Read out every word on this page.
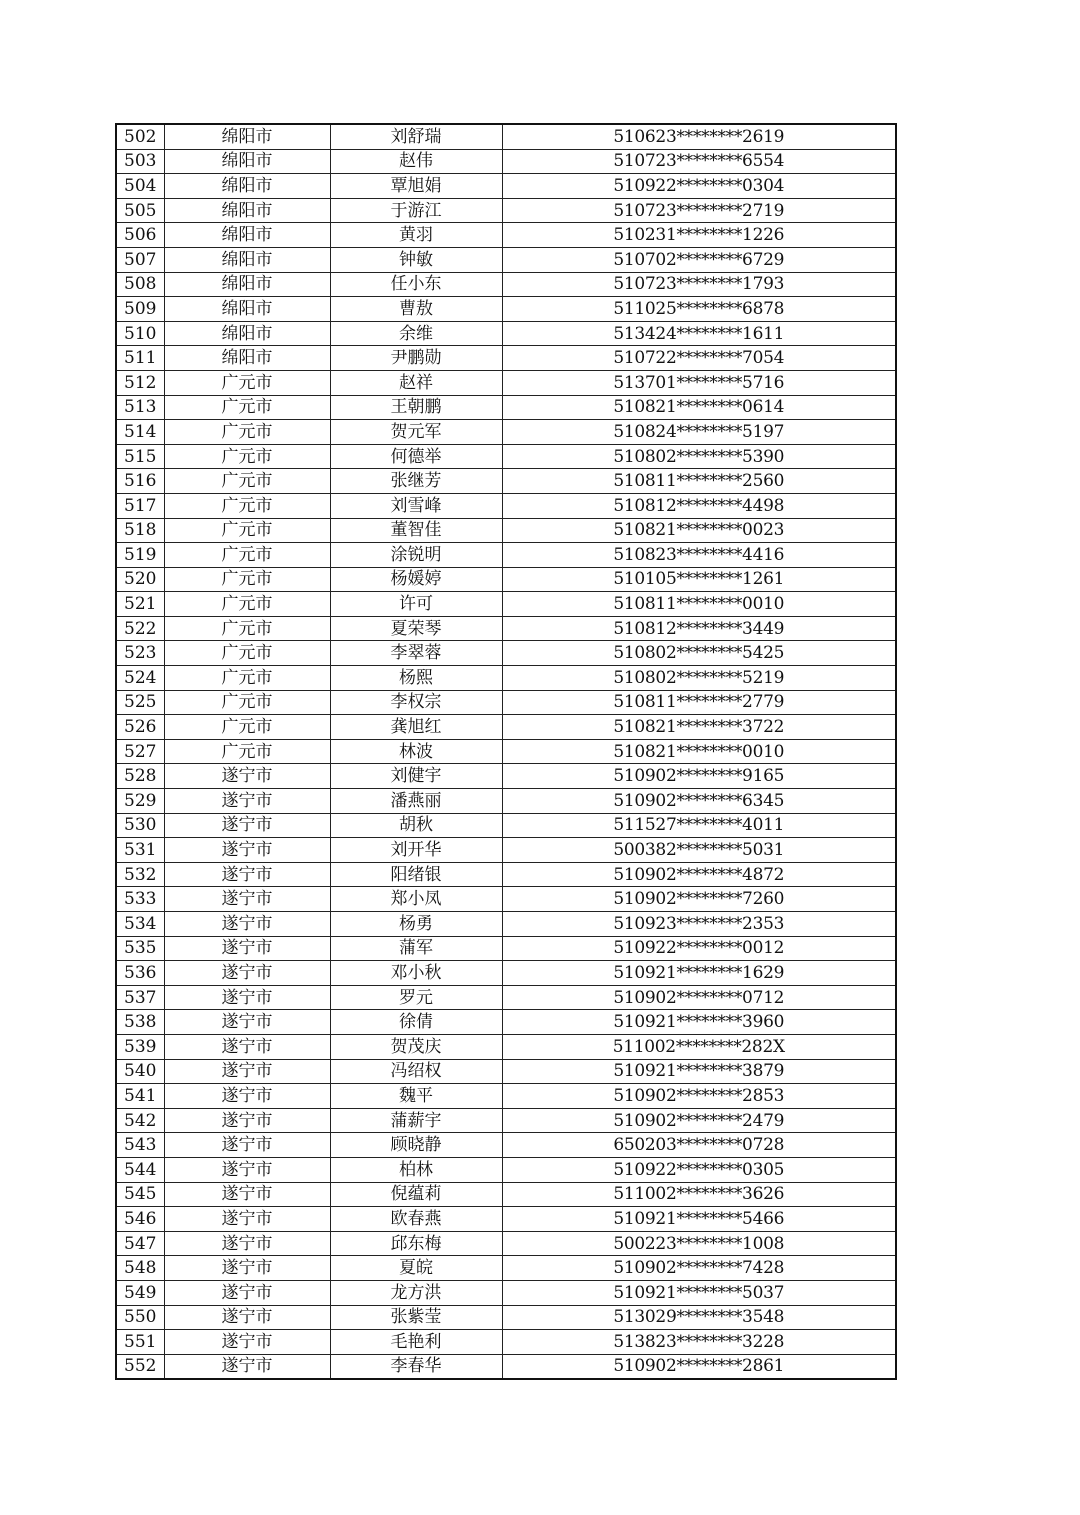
502	绵阳市	刘舒瑞	510623********2619
503	绵阳市	赵伟	510723********6554
504	绵阳市	覃旭娟	510922********0304
505	绵阳市	于游江	510723********2719
506	绵阳市	黄羽	510231********1226
507	绵阳市	钟敏	510702********6729
508	绵阳市	任小东	510723********1793
509	绵阳市	曹敖	511025********6878
510	绵阳市	余维	513424********1611
511	绵阳市	尹鹏勋	510722********7054
512	广元市	赵祥	513701********5716
513	广元市	王朝鹏	510821********0614
514	广元市	贺元军	510824********5197
515	广元市	何德举	510802********5390
516	广元市	张继芳	510811********2560
517	广元市	刘雪峰	510812********4498
518	广元市	董智佳	510821********0023
519	广元市	涂锐明	510823********4416
520	广元市	杨媛婷	510105********1261
521	广元市	许可	510811********0010
522	广元市	夏荣琴	510812********3449
523	广元市	李翠蓉	510802********5425
524	广元市	杨熙	510802********5219
525	广元市	李权宗	510811********2779
526	广元市	龚旭红	510821********3722
527	广元市	林波	510821********0010
528	遂宁市	刘健宇	510902********9165
529	遂宁市	潘燕丽	510902********6345
530	遂宁市	胡秋	511527********4011
531	遂宁市	刘开华	500382********5031
532	遂宁市	阳绪银	510902********4872
533	遂宁市	郑小凤	510902********7260
534	遂宁市	杨勇	510923********2353
535	遂宁市	蒲军	510922********0012
536	遂宁市	邓小秋	510921********1629
537	遂宁市	罗元	510902********0712
538	遂宁市	徐倩	510921********3960
539	遂宁市	贺茂庆	511002********282X
540	遂宁市	冯绍权	510921********3879
541	遂宁市	魏平	510902********2853
542	遂宁市	蒲薪宇	510902********2479
543	遂宁市	顾晓静	650203********0728
544	遂宁市	柏林	510922********0305
545	遂宁市	倪蕴莉	511002********3626
546	遂宁市	欧春燕	510921********5466
547	遂宁市	邱东梅	500223********1008
548	遂宁市	夏皖	510902********7428
549	遂宁市	龙方洪	510921********5037
550	遂宁市	张紫莹	513029********3548
551	遂宁市	毛艳利	513823********3228
552	遂宁市	李春华	510902********2861
